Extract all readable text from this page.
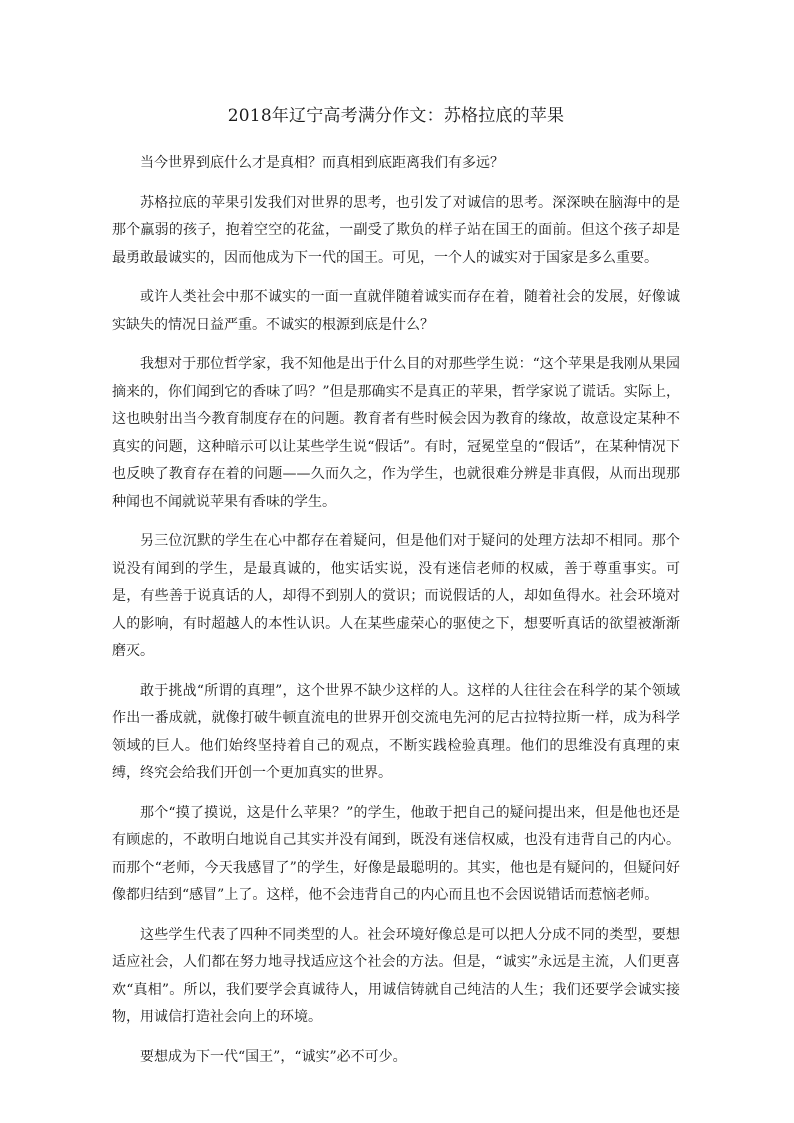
2018年辽宁高考满分作文：苏格拉底的苹果

当今世界到底什么才是真相？而真相到底距离我们有多远？

苏格拉底的苹果引发我们对世界的思考，也引发了对诚信的思考。深深映在脑海中的是那个羸弱的孩子，抱着空空的花盆，一副受了欺负的样子站在国王的面前。但这个孩子却是最勇敢最诚实的，因而他成为下一代的国王。可见，一个人的诚实对于国家是多么重要。

或许人类社会中那不诚实的一面一直就伴随着诚实而存在着，随着社会的发展，好像诚实缺失的情况日益严重。不诚实的根源到底是什么？

我想对于那位哲学家，我不知他是出于什么目的对那些学生说：“这个苹果是我刚从果园摘来的，你们闻到它的香味了吗？”但是那确实不是真正的苹果，哲学家说了谎话。实际上，这也映射出当今教育制度存在的问题。教育者有些时候会因为教育的缘故，故意设定某种不真实的问题，这种暗示可以让某些学生说“假话”。有时，冠冕堂皇的“假话”，在某种情况下也反映了教育存在着的问题——久而久之，作为学生，也就很难分辨是非真假，从而出现那种闻也不闻就说苹果有香味的学生。

另三位沉默的学生在心中都存在着疑问，但是他们对于疑问的处理方法却不相同。那个说没有闻到的学生，是最真诚的，他实话实说，没有迷信老师的权威，善于尊重事实。可是，有些善于说真话的人，却得不到别人的赏识；而说假话的人，却如鱼得水。社会环境对人的影响，有时超越人的本性认识。人在某些虚荣心的驱使之下，想要听真话的欲望被渐渐磨灭。

敢于挑战“所谓的真理”，这个世界不缺少这样的人。这样的人往往会在科学的某个领域作出一番成就，就像打破牛顿直流电的世界开创交流电先河的尼古拉特拉斯一样，成为科学领域的巨人。他们始终坚持着自己的观点，不断实践检验真理。他们的思维没有真理的束缚，终究会给我们开创一个更加真实的世界。

那个“摸了摸说，这是什么苹果？”的学生，他敢于把自己的疑问提出来，但是他也还是有顾虑的，不敢明白地说自己其实并没有闻到，既没有迷信权威，也没有违背自己的内心。而那个“老师，今天我感冒了”的学生，好像是最聪明的。其实，他也是有疑问的，但疑问好像都归结到“感冒”上了。这样，他不会违背自己的内心而且也不会因说错话而惹恼老师。

这些学生代表了四种不同类型的人。社会环境好像总是可以把人分成不同的类型，要想适应社会，人们都在努力地寻找适应这个社会的方法。但是，“诚实”永远是主流，人们更喜欢“真相”。所以，我们要学会真诚待人，用诚信铸就自己纯洁的人生；我们还要学会诚实接物，用诚信打造社会向上的环境。

要想成为下一代“国王”，“诚实”必不可少。
